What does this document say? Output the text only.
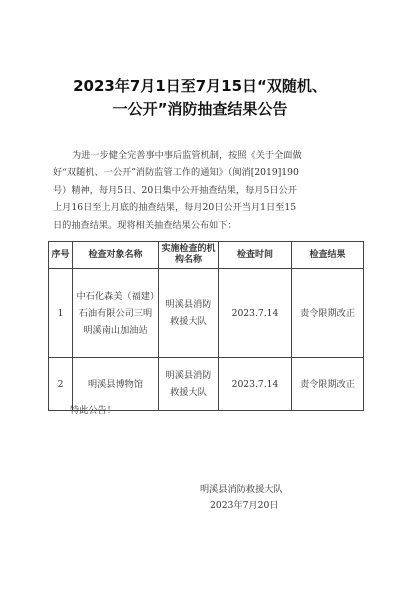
2023年7月1日至7月15日“双随机、
一公开”消防抽查结果公告
为进一步健全完善事中事后监管机制，按照《关于全面做
好“双随机、一公开”消防监管工作的通知》（闽消[2019]190
号）精神，每月5日、20日集中公开抽查结果，每月5日公开
上月16日至上月底的抽查结果，每月20日公开当月1日至15
日的抽查结果。现将相关抽查结果公布如下：
序号	检查对象名称	实施检查的机构名称	检查时间	检查结果
1	中石化森美（福建）石油有限公司三明明溪南山加油站	明溪县消防救援大队	2023.7.14	责令限期改正
2	明溪县博物馆	明溪县消防救援大队	2023.7.14	责令限期改正
特此公告！
明溪县消防救援大队
2023年7月20日
